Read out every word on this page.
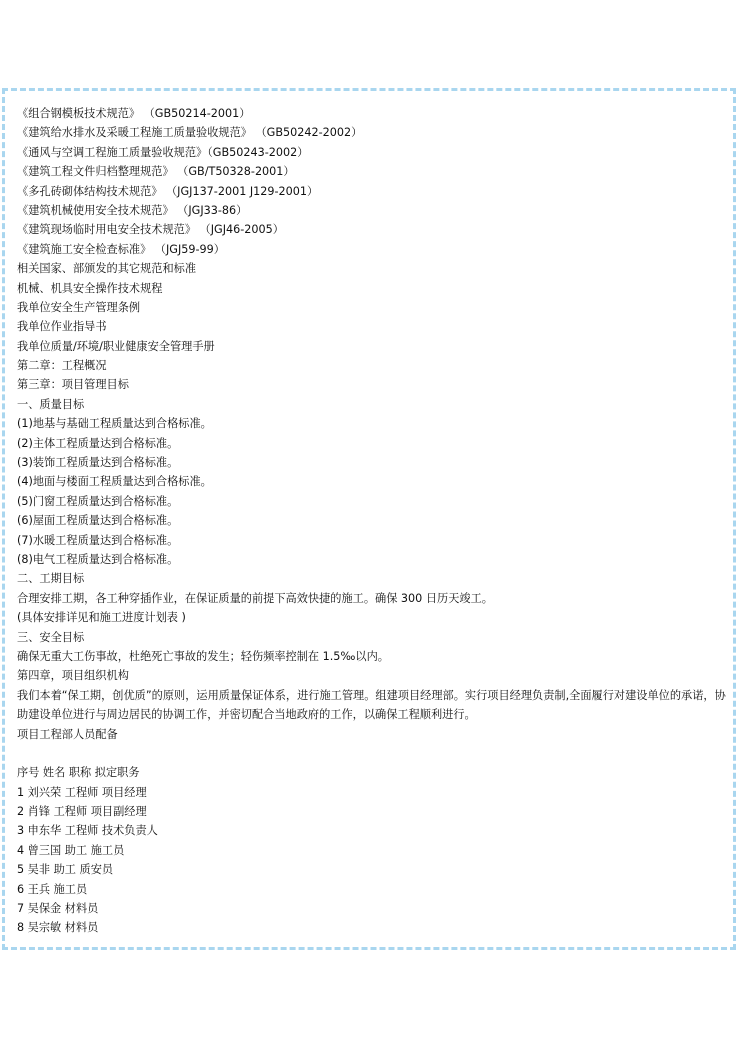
《组合钢模板技术规范》 （GB50214-2001）
《建筑给水排水及采暖工程施工质量验收规范》 （GB50242-2002）
《通风与空调工程施工质量验收规范》（GB50243-2002）
《建筑工程文件归档整理规范》 （GB/T50328-2001）
《多孔砖砌体结构技术规范》 （JGJ137-2001 J129-2001）
《建筑机械使用安全技术规范》 （JGJ33-86）
《建筑现场临时用电安全技术规范》 （JGJ46-2005）
《建筑施工安全检查标准》 （JGJ59-99）
相关国家、部颁发的其它规范和标准
机械、机具安全操作技术规程
我单位安全生产管理条例
我单位作业指导书
我单位质量/环境/职业健康安全管理手册
第二章：工程概况
第三章：项目管理目标
一、质量目标
(1)地基与基础工程质量达到合格标准。
(2)主体工程质量达到合格标准。
(3)装饰工程质量达到合格标准。
(4)地面与楼面工程质量达到合格标准。
(5)门窗工程质量达到合格标准。
(6)屋面工程质量达到合格标准。
(7)水暖工程质量达到合格标准。
(8)电气工程质量达到合格标准。
二、工期目标
合理安排工期，各工种穿插作业，在保证质量的前提下高效快捷的施工。确保 300 日历天竣工。
(具体安排详见和施工进度计划表 )
三、安全目标
确保无重大工伤事故，杜绝死亡事故的发生；轻伤频率控制在 1.5‰以内。
第四章，项目组织机构
我们本着“保工期，创优质”的原则，运用质量保证体系，进行施工管理。组建项目经理部。实行项目经理负责制,全面履行对建设单位的承诺，协助建设单位进行与周边居民的协调工作，并密切配合当地政府的工作，以确保工程顺利进行。
项目工程部人员配备
序号 姓名 职称 拟定职务
1 刘兴荣 工程师 项目经理
2 肖锋 工程师 项目副经理
3 申东华 工程师 技术负责人
4 曾三国 助工 施工员
5 吴非 助工 质安员
6 王兵 施工员
7 吴保金 材料员
8 吴宗敏 材料员
